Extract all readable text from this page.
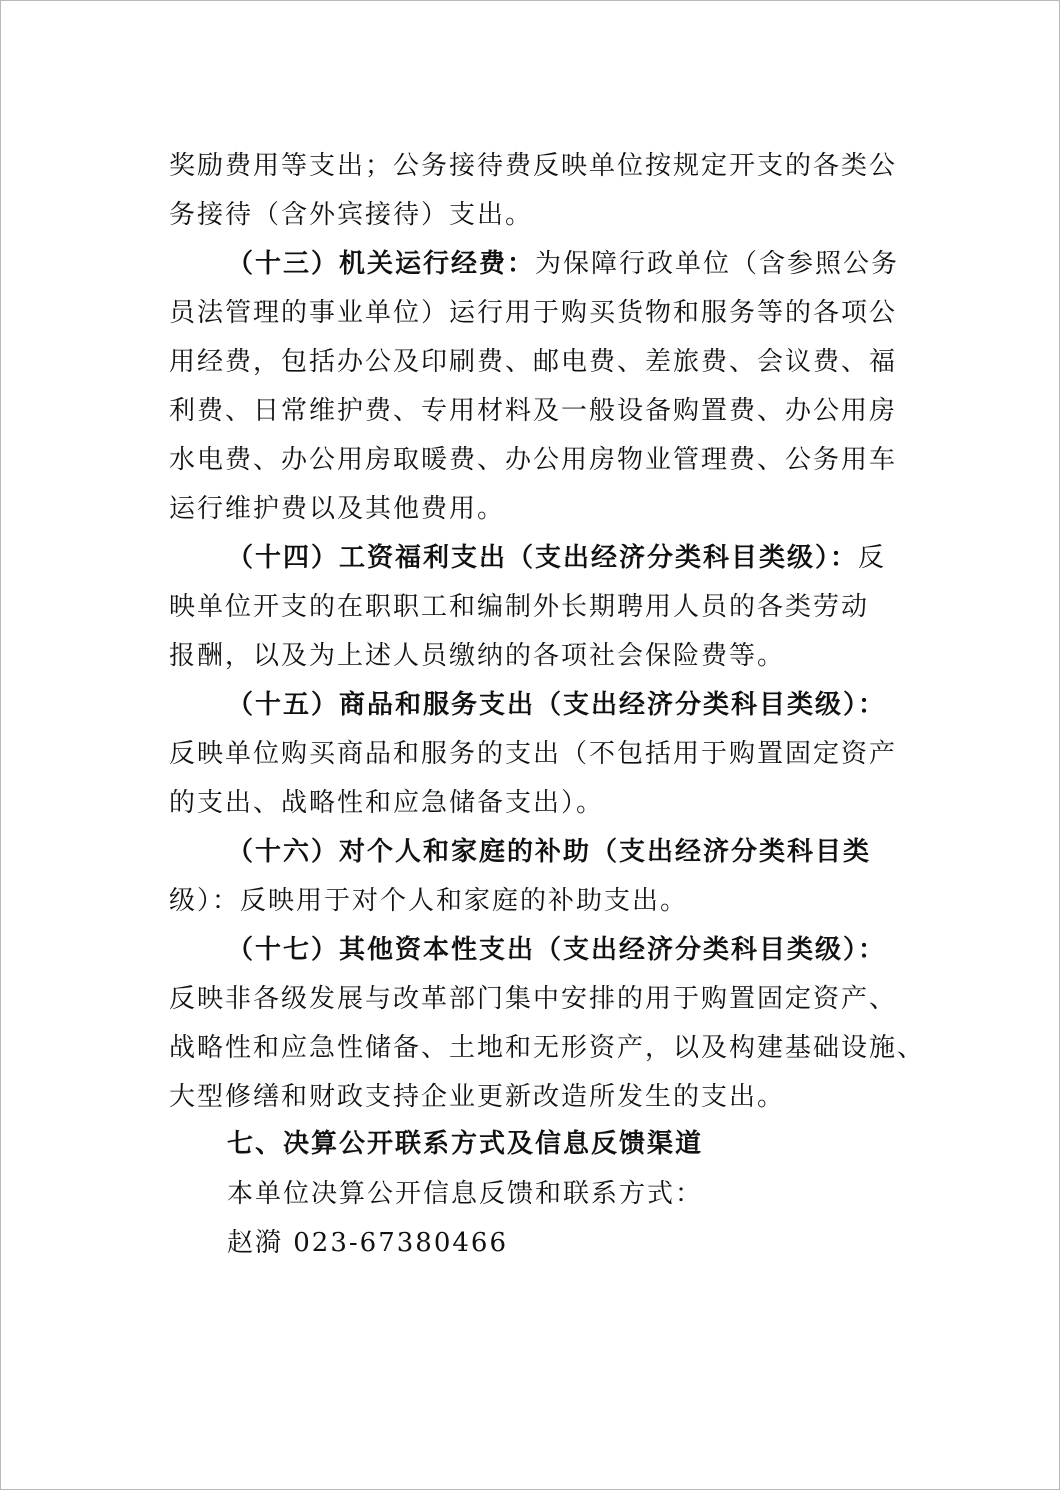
奖励费用等支出；公务接待费反映单位按规定开支的各类公
务接待（含外宾接待）支出。
（十三）机关运行经费：为保障行政单位（含参照公务
员法管理的事业单位）运行用于购买货物和服务等的各项公
用经费，包括办公及印刷费、邮电费、差旅费、会议费、福
利费、日常维护费、专用材料及一般设备购置费、办公用房
水电费、办公用房取暖费、办公用房物业管理费、公务用车
运行维护费以及其他费用。
（十四）工资福利支出（支出经济分类科目类级）：反
映单位开支的在职职工和编制外长期聘用人员的各类劳动
报酬，以及为上述人员缴纳的各项社会保险费等。
（十五）商品和服务支出（支出经济分类科目类级）：
反映单位购买商品和服务的支出（不包括用于购置固定资产
的支出、战略性和应急储备支出）。
（十六）对个人和家庭的补助（支出经济分类科目类
级）：反映用于对个人和家庭的补助支出。
（十七）其他资本性支出（支出经济分类科目类级）：
反映非各级发展与改革部门集中安排的用于购置固定资产、
战略性和应急性储备、土地和无形资产，以及构建基础设施、
大型修缮和财政支持企业更新改造所发生的支出。
七、决算公开联系方式及信息反馈渠道
本单位决算公开信息反馈和联系方式：
赵漪 023-67380466
